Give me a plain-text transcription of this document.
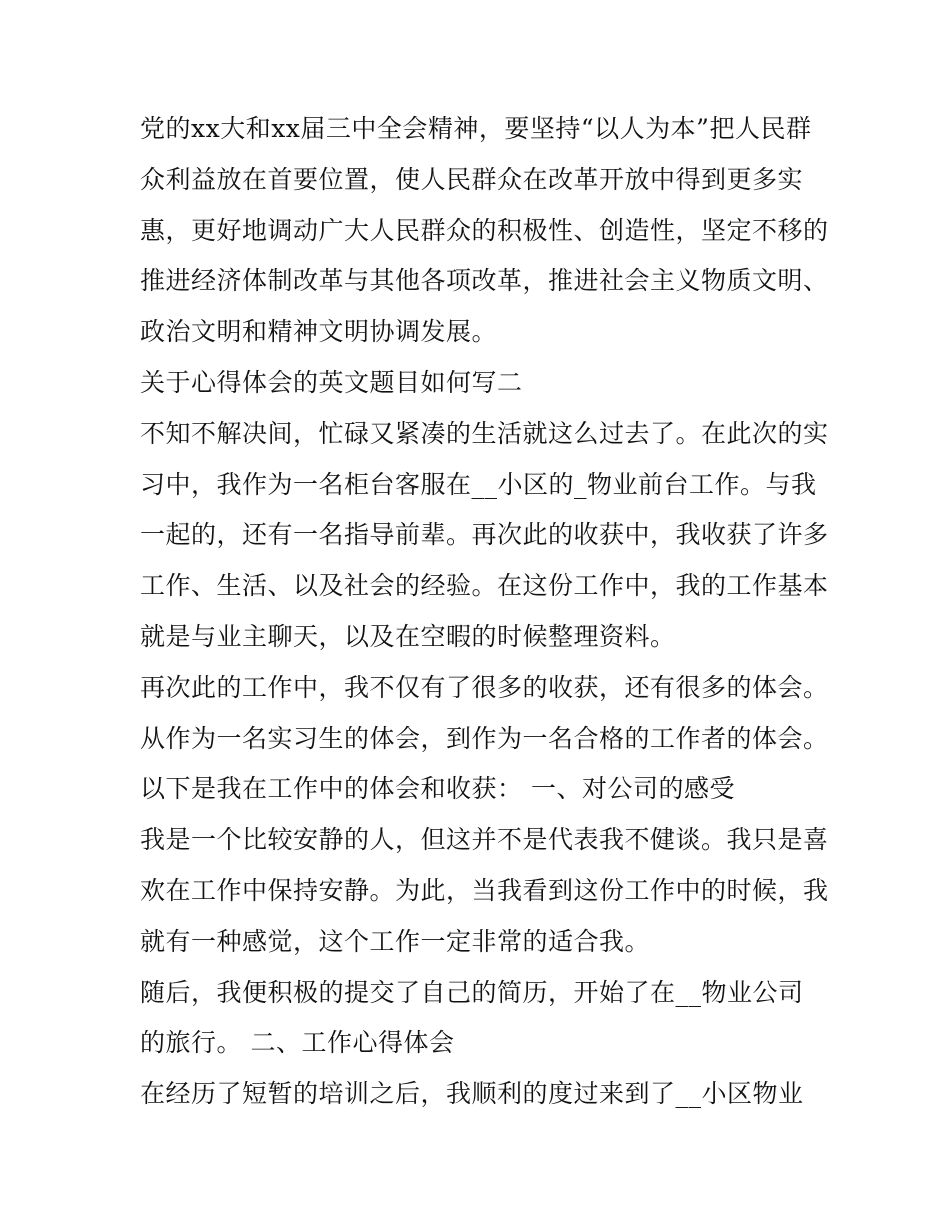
党的xx大和xx届三中全会精神，要坚持“以人为本”把人民群
众利益放在首要位置，使人民群众在改革开放中得到更多实
惠，更好地调动广大人民群众的积极性、创造性，坚定不移的
推进经济体制改革与其他各项改革，推进社会主义物质文明、
政治文明和精神文明协调发展。
关于心得体会的英文题目如何写二
不知不解决间，忙碌又紧凑的生活就这么过去了。在此次的实
习中，我作为一名柜台客服在__小区的_物业前台工作。与我
一起的，还有一名指导前辈。再次此的收获中，我收获了许多
工作、生活、以及社会的经验。在这份工作中，我的工作基本
就是与业主聊天，以及在空暇的时候整理资料。
再次此的工作中，我不仅有了很多的收获，还有很多的体会。
从作为一名实习生的体会，到作为一名合格的工作者的体会。
以下是我在工作中的体会和收获： 一、对公司的感受
我是一个比较安静的人，但这并不是代表我不健谈。我只是喜
欢在工作中保持安静。为此，当我看到这份工作中的时候，我
就有一种感觉，这个工作一定非常的适合我。
随后，我便积极的提交了自己的简历，开始了在__物业公司
的旅行。 二、工作心得体会
在经历了短暂的培训之后，我顺利的度过来到了__小区物业
